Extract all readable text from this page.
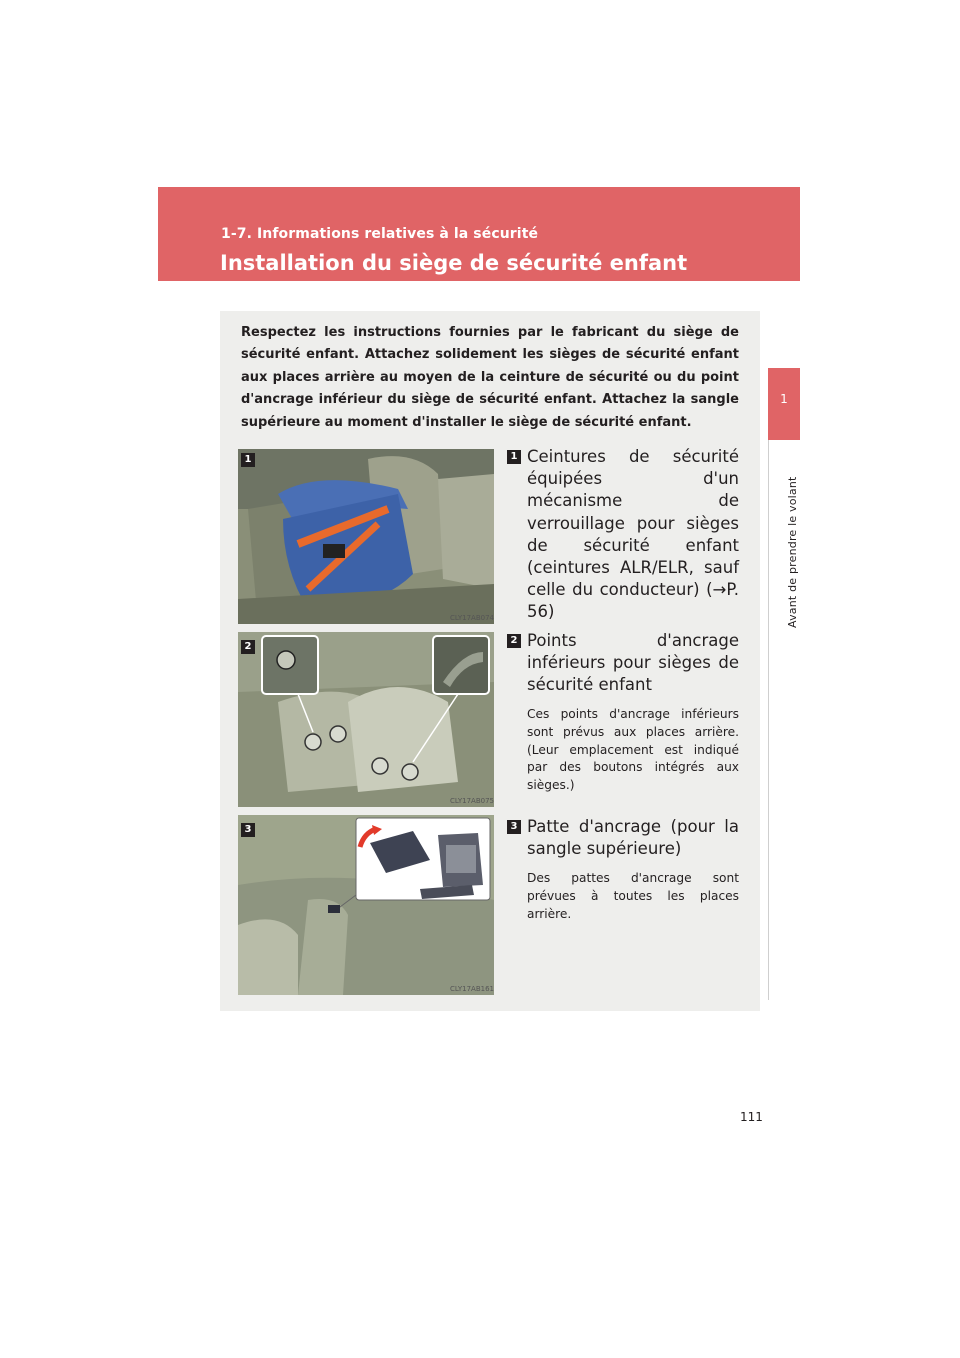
1-7. Informations relatives à la sécurité
Installation du siège de sécurité enfant
1
Avant de prendre le volant

Respectez les instructions fournies par le fabricant du siège de sécurité enfant. Attachez solidement les sièges de sécurité enfant aux places arrière au moyen de la ceinture de sécurité ou du point d'ancrage inférieur du siège de sécurité enfant. Attachez la sangle supérieure au moment d'installer le siège de sécurité enfant.

1
CLY17AB074
1 Ceintures de sécurité équipées d'un mécanisme de verrouillage pour sièges de sécurité enfant (ceintures ALR/ELR, sauf celle du conducteur) (→P. 56)
2
CLY17AB075
2 Points d'ancrage inférieurs pour sièges de sécurité enfant
Ces points d'ancrage inférieurs sont prévus aux places arrière. (Leur emplacement est indiqué par des boutons intégrés aux sièges.)
3
CLY17AB161
3 Patte d'ancrage (pour la sangle supérieure)
Des pattes d'ancrage sont prévues à toutes les places arrière.
111
